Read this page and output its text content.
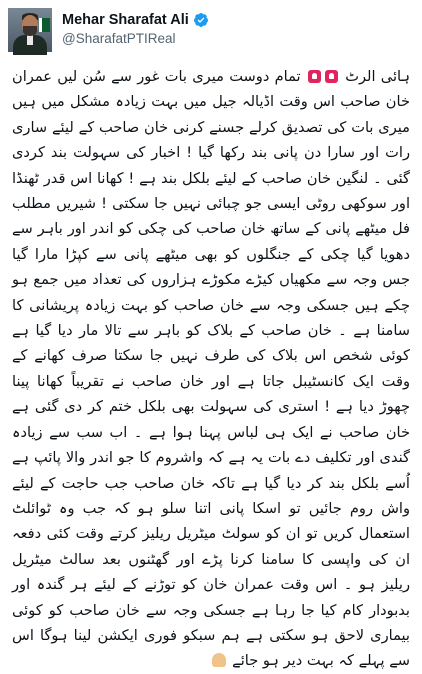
Mehar Sharafat Ali
@SharafatPTIReal
ہائی الرٹ  تمام دوست میری بات غور سے سُن لیں عمران خان صاحب اس وقت اڈیالہ جیل میں بہت زیادہ مشکل میں ہیں میری بات کی تصدیق کرلے جسنے کرنی خان صاحب کے لیئے ساری رات اور سارا دن پانی بند رکھا گیا ! اخبار کی سہولت بند کردی گئی ۔ لنگین خان صاحب کے لیئے بلکل بند ہے ! کھانا اس قدر ٹھنڈا اور سوکھی روٹی ایسی جو چبائی نہیں جا سکتی ! شیریں مطلب فل میٹھے پانی کے ساتھ خان صاحب کی چکی کو اندر اور باہر سے دھویا گیا چکی کے جنگلوں کو بھی میٹھے پانی سے کپڑا مارا گیا جس وجہ سے مکھیاں کیڑے مکوڑے ہزاروں کی تعداد میں جمع ہو چکے ہیں جسکی وجہ سے خان صاحب کو بہت زیادہ پریشانی کا سامنا ہے ۔ خان صاحب کے بلاک کو باہر سے تالا مار دیا گیا ہے کوئی شخص اس بلاک کی طرف نہیں جا سکتا صرف کھانے کے وقت ایک کانسٹیبل جاتا ہے اور خان صاحب نے تقریباً کھانا پینا چھوڑ دیا ہے ! استری کی سہولت بھی بلکل ختم کر دی گئی ہے خان صاحب نے ایک ہی لباس پہنا ہوا ہے ۔ اب سب سے زیادہ گندی اور تکلیف دے بات یہ ہے کہ واشروم کا جو اندر والا پائپ ہے اُسے بلکل بند کر دیا گیا ہے تاکہ خان صاحب جب حاجت کے لیئے واش روم جائیں تو اسکا پانی اتنا سلو ہو کہ جب وہ ٹوائلٹ استعمال کریں تو ان کو سولٹ میٹریل ریلیز کرتے وقت کئی دفعہ ان کی واپسی کا سامنا کرنا پڑے اور گھٹنوں بعد سالٹ میٹریل ریلیز ہو ۔ اس وقت عمران خان کو توڑنے کے لیئے ہر گندہ اور بدبودار کام کیا جا رہا ہے جسکی وجہ سے خان صاحب کو کوئی بیماری لاحق ہو سکتی ہے ہم سبکو فوری ایکشن لینا ہوگا اس سے پہلے کہ بہت دیر ہو جائے
